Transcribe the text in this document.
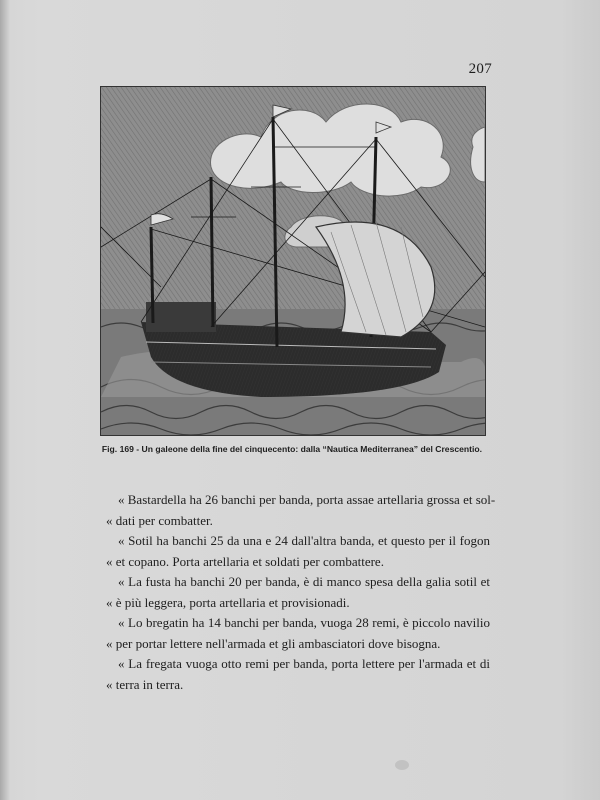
207
Fig. 169 - Un galeone della fine del cinquecento: dalla “Nautica Mediterranea” del Crescentio.
« Bastardella ha 26 banchi per banda, porta assae artellaria grossa et sol-
« dati per combatter.
« Sotil ha banchi 25 da una e 24 dall'altra banda, et questo per il fogon
« et copano. Porta artellaria et soldati per combattere.
« La fusta ha banchi 20 per banda, è di manco spesa della galia sotil et
« è più leggera, porta artellaria et provisionadi.
« Lo bregatin ha 14 banchi per banda, vuoga 28 remi, è piccolo navilio
« per portar lettere nell'armada et gli ambasciatori dove bisogna.
« La fregata vuoga otto remi per banda, porta lettere per l'armada et di
« terra in terra.
